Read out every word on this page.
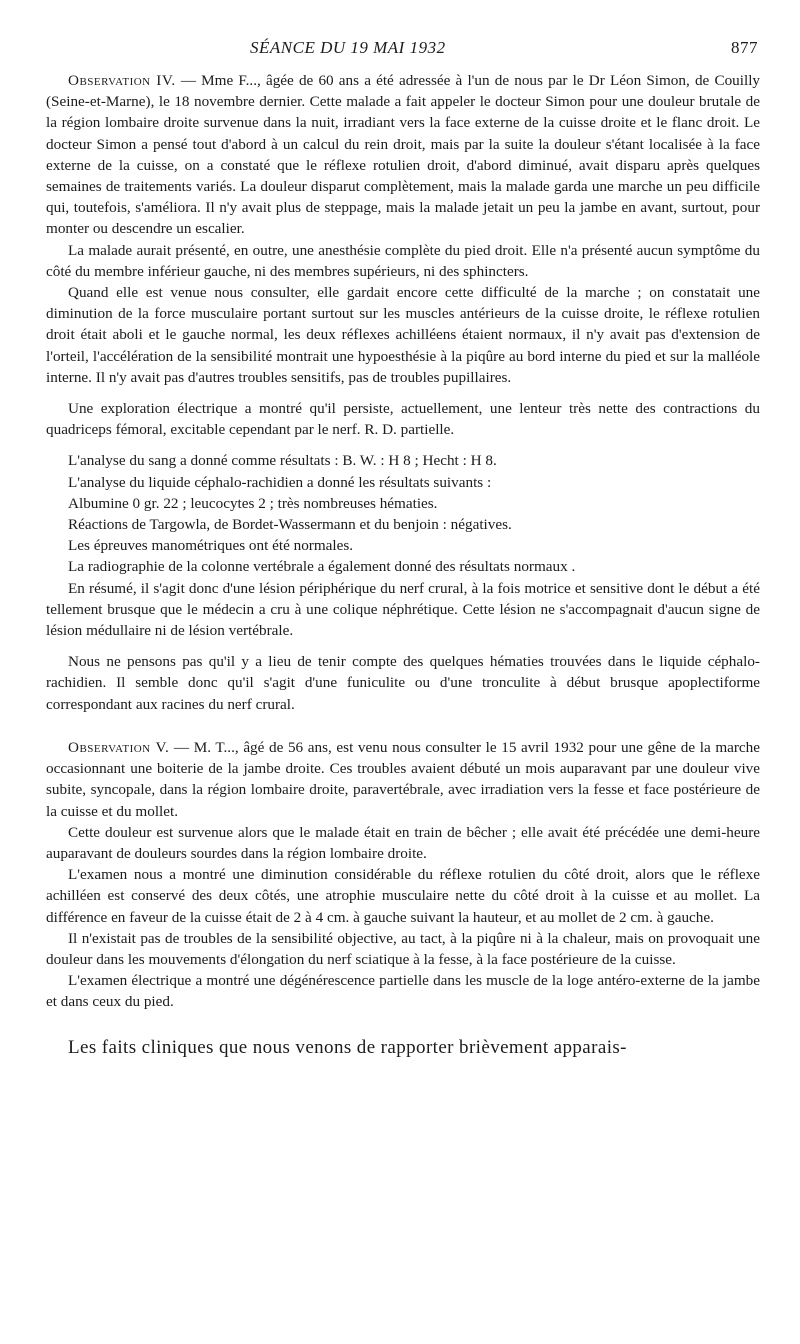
SÉANCE DU 19 MAI 1932	877

Observation IV. — Mme F..., âgée de 60 ans a été adressée à l'un de nous par le Dr Léon Simon, de Couilly (Seine-et-Marne), le 18 novembre dernier. Cette malade a fait appeler le docteur Simon pour une douleur brutale de la région lombaire droite survenue dans la nuit, irradiant vers la face externe de la cuisse droite et le flanc droit. Le docteur Simon a pensé tout d'abord à un calcul du rein droit, mais par la suite la douleur s'étant localisée à la face externe de la cuisse, on a constaté que le réflexe rotulien droit, d'abord diminué, avait disparu après quelques semaines de traitements variés. La douleur disparut complètement, mais la malade garda une marche un peu difficile qui, toutefois, s'améliora. Il n'y avait plus de steppage, mais la malade jetait un peu la jambe en avant, surtout, pour monter ou descendre un escalier.

La malade aurait présenté, en outre, une anesthésie complète du pied droit. Elle n'a présenté aucun symptôme du côté du membre inférieur gauche, ni des membres supérieurs, ni des sphincters.

Quand elle est venue nous consulter, elle gardait encore cette difficulté de la marche ; on constatait une diminution de la force musculaire portant surtout sur les muscles antérieurs de la cuisse droite, le réflexe rotulien droit était aboli et le gauche normal, les deux réflexes achilléens étaient normaux, il n'y avait pas d'extension de l'orteil, l'accélération de la sensibilité montrait une hypoesthésie à la piqûre au bord interne du pied et sur la malléole interne. Il n'y avait pas d'autres troubles sensitifs, pas de troubles pupillaires.

Une exploration électrique a montré qu'il persiste, actuellement, une lenteur très nette des contractions du quadriceps fémoral, excitable cependant par le nerf. R. D. partielle.

L'analyse du sang a donné comme résultats : B. W. : H 8 ; Hecht : H 8.

L'analyse du liquide céphalo-rachidien a donné les résultats suivants :

Albumine 0 gr. 22 ; leucocytes 2 ; très nombreuses hématies.

Réactions de Targowla, de Bordet-Wassermann et du benjoin : négatives.

Les épreuves manométriques ont été normales.

La radiographie de la colonne vertébrale a également donné des résultats normaux .

En résumé, il s'agit donc d'une lésion périphérique du nerf crural, à la fois motrice et sensitive dont le début a été tellement brusque que le médecin a cru à une colique néphrétique. Cette lésion ne s'accompagnait d'aucun signe de lésion médullaire ni de lésion vertébrale.

Nous ne pensons pas qu'il y a lieu de tenir compte des quelques hématies trouvées dans le liquide céphalo-rachidien. Il semble donc qu'il s'agit d'une funiculite ou d'une tronculite à début brusque apoplectiforme correspondant aux racines du nerf crural.

Observation V. — M. T..., âgé de 56 ans, est venu nous consulter le 15 avril 1932 pour une gêne de la marche occasionnant une boiterie de la jambe droite. Ces troubles avaient débuté un mois auparavant par une douleur vive subite, syncopale, dans la région lombaire droite, paravertébrale, avec irradiation vers la fesse et face postérieure de la cuisse et du mollet.

Cette douleur est survenue alors que le malade était en train de bêcher ; elle avait été précédée une demi-heure auparavant de douleurs sourdes dans la région lombaire droite.

L'examen nous a montré une diminution considérable du réflexe rotulien du côté droit, alors que le réflexe achilléen est conservé des deux côtés, une atrophie musculaire nette du côté droit à la cuisse et au mollet. La différence en faveur de la cuisse était de 2 à 4 cm. à gauche suivant la hauteur, et au mollet de 2 cm. à gauche.

Il n'existait pas de troubles de la sensibilité objective, au tact, à la piqûre ni à la chaleur, mais on provoquait une douleur dans les mouvements d'élongation du nerf sciatique à la fesse, à la face postérieure de la cuisse.

L'examen électrique a montré une dégénérescence partielle dans les muscle de la loge antéro-externe de la jambe et dans ceux du pied.

Les faits cliniques que nous venons de rapporter brièvement apparais-
